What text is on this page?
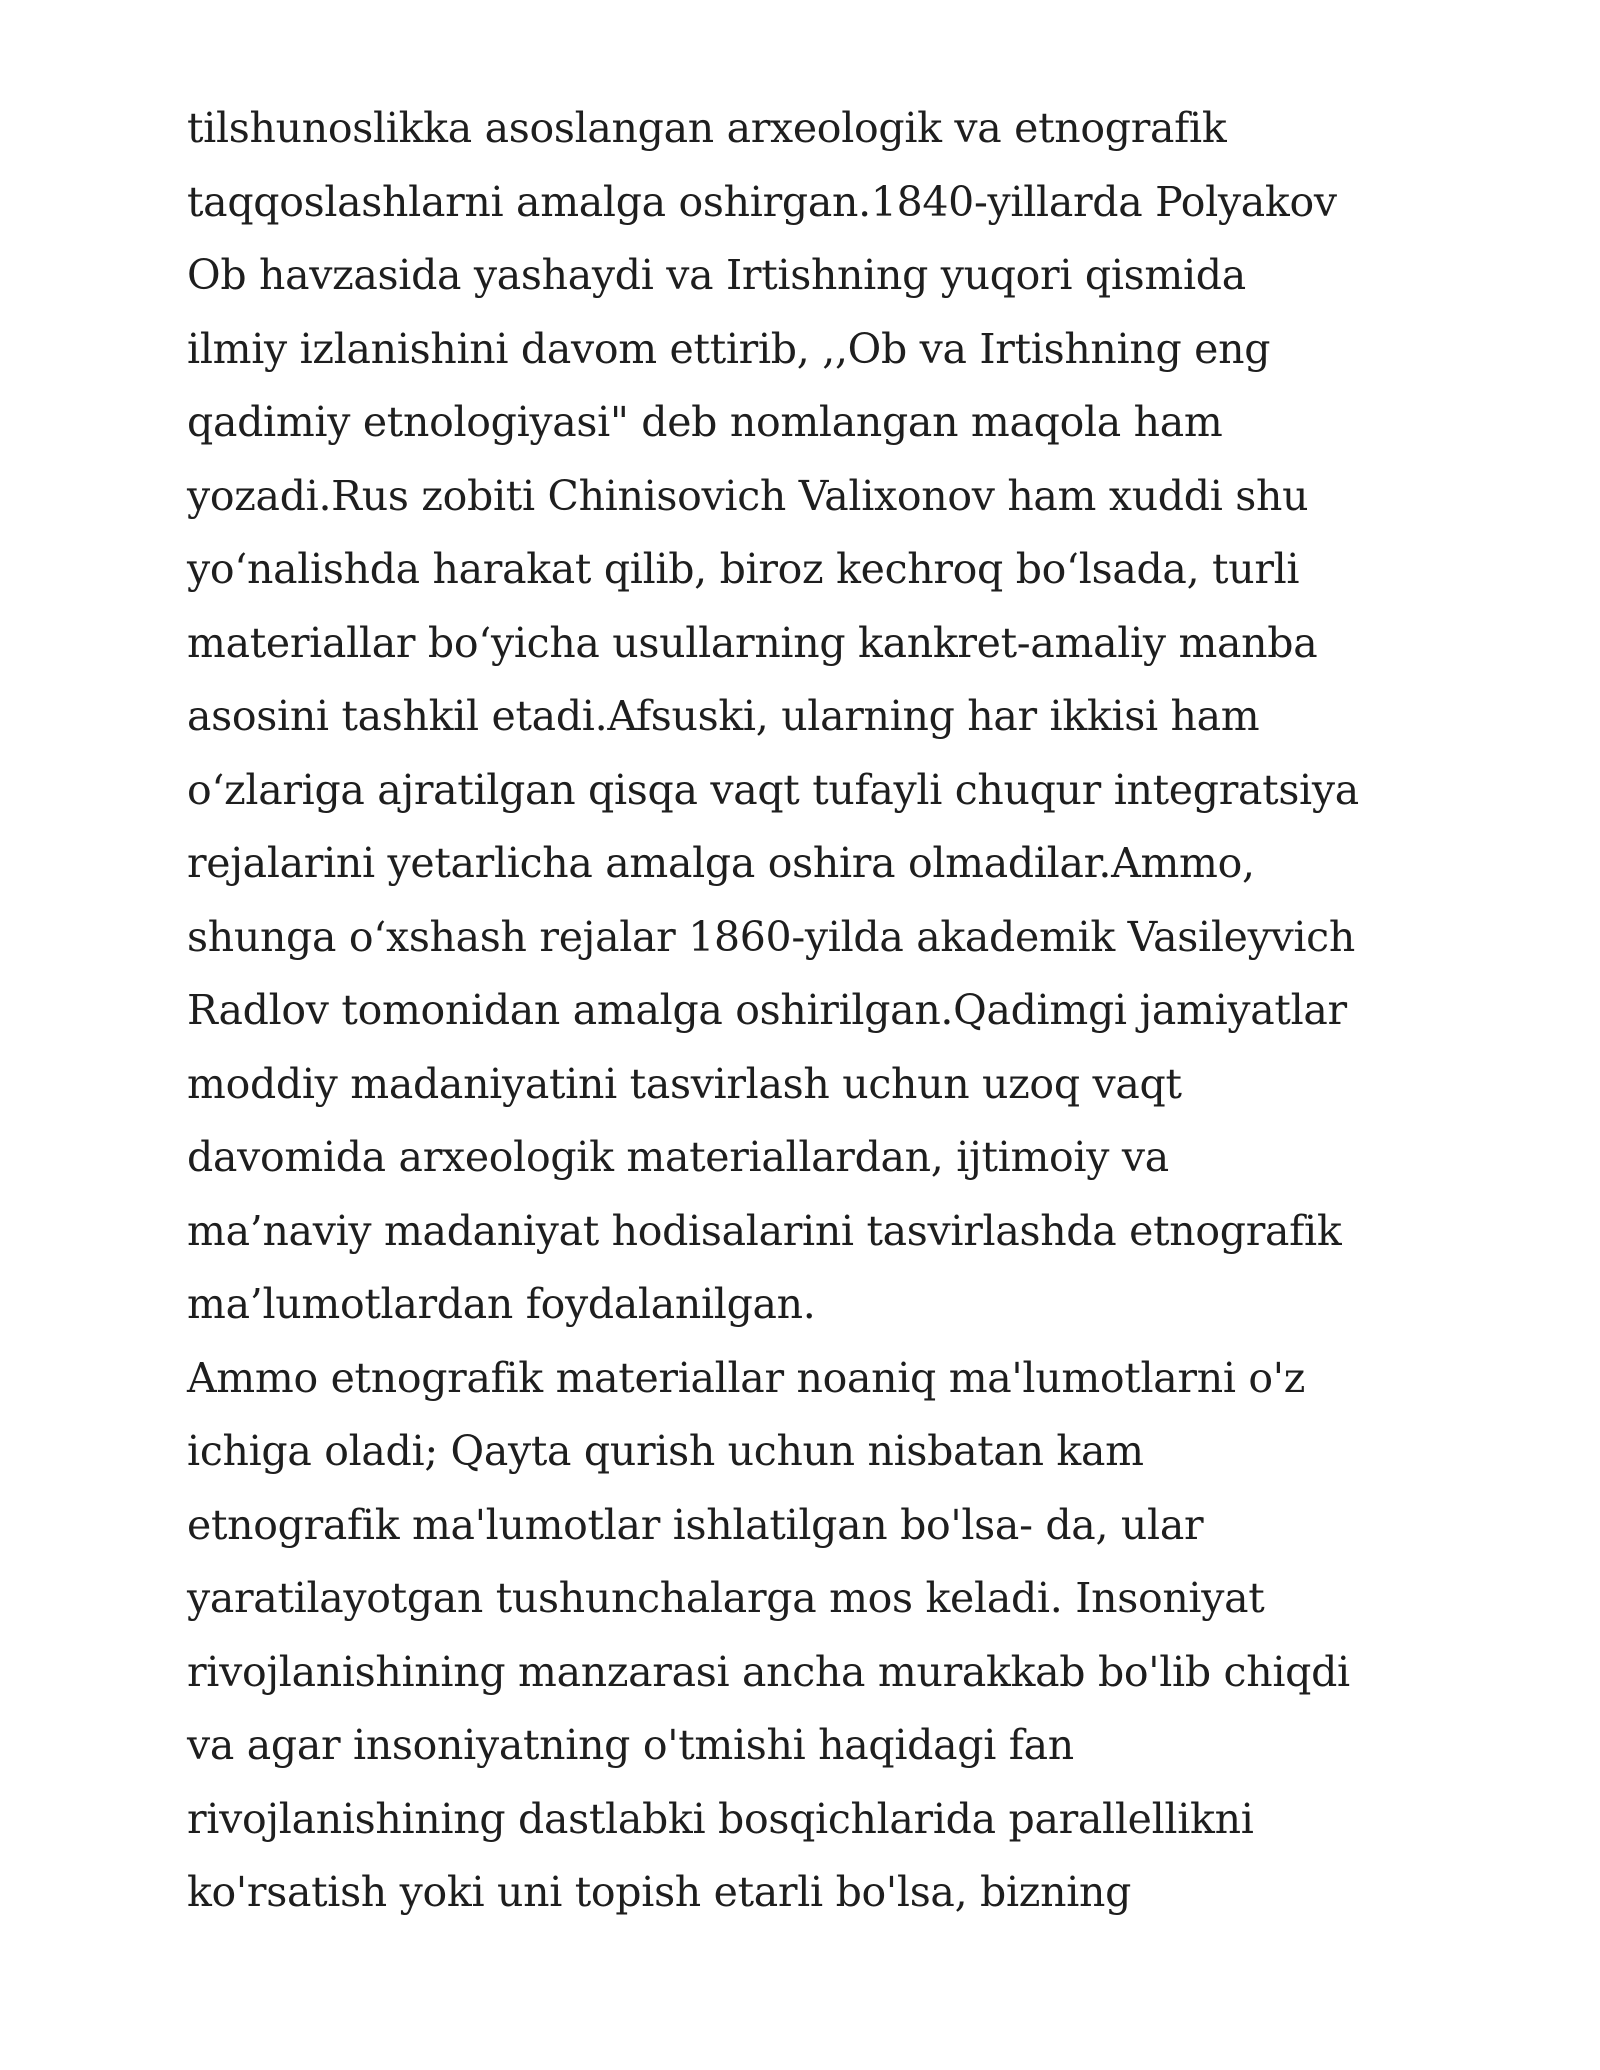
tilshunoslikka asoslangan arxeologik va etnografik
taqqoslashlarni amalga oshirgan.1840-yillarda Polyakov
Ob havzasida yashaydi va Irtishning yuqori qismida
ilmiy izlanishini davom ettirib, ,,Ob va Irtishning eng
qadimiy etnologiyasi" deb nomlangan maqola ham
yozadi.Rus zobiti Chinisovich Valixonov ham xuddi shu
yo‘nalishda harakat qilib, biroz kechroq bo‘lsada, turli
materiallar bo‘yicha usullarning kankret-amaliy manba
asosini tashkil etadi.Afsuski, ularning har ikkisi ham
o‘zlariga ajratilgan qisqa vaqt tufayli chuqur integratsiya
rejalarini yetarlicha amalga oshira olmadilar.Ammo,
shunga o‘xshash rejalar 1860-yilda akademik Vasileyvich
Radlov tomonidan amalga oshirilgan.Qadimgi jamiyatlar
moddiy madaniyatini tasvirlash uchun uzoq vaqt
davomida arxeologik materiallardan, ijtimoiy va
ma’naviy madaniyat hodisalarini tasvirlashda etnografik
ma’lumotlardan foydalanilgan.
Ammo etnografik materiallar noaniq ma'lumotlarni o'z
ichiga oladi; Qayta qurish uchun nisbatan kam
etnografik ma'lumotlar ishlatilgan bo'lsa- da, ular
yaratilayotgan tushunchalarga mos keladi. Insoniyat
rivojlanishining manzarasi ancha murakkab bo'lib chiqdi
va agar insoniyatning o'tmishi haqidagi fan
rivojlanishining dastlabki bosqichlarida parallellikni
ko'rsatish yoki uni topish etarli bo'lsa, bizning
